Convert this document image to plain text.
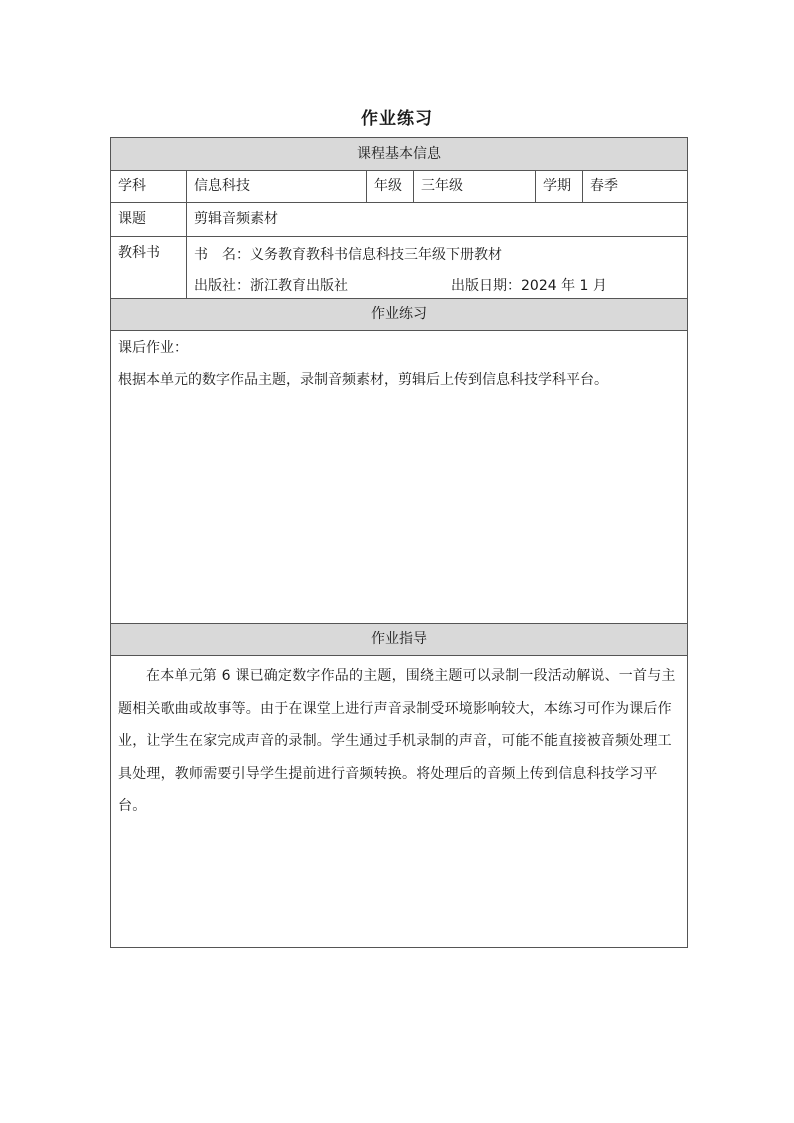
作业练习
课程基本信息
学科	信息科技	年级	三年级	学期	春季
课题	剪辑音频素材
教科书	书　名：义务教育教科书信息科技三年级下册教材
出版社：浙江教育出版社	出版日期：2024 年 1 月
作业练习
课后作业：
根据本单元的数字作品主题，录制音频素材，剪辑后上传到信息科技学科平台。
作业指导
在本单元第 6 课已确定数字作品的主题，围绕主题可以录制一段活动解说、一首与主题相关歌曲或故事等。由于在课堂上进行声音录制受环境影响较大，本练习可作为课后作业，让学生在家完成声音的录制。学生通过手机录制的声音，可能不能直接被音频处理工具处理，教师需要引导学生提前进行音频转换。将处理后的音频上传到信息科技学习平台。
